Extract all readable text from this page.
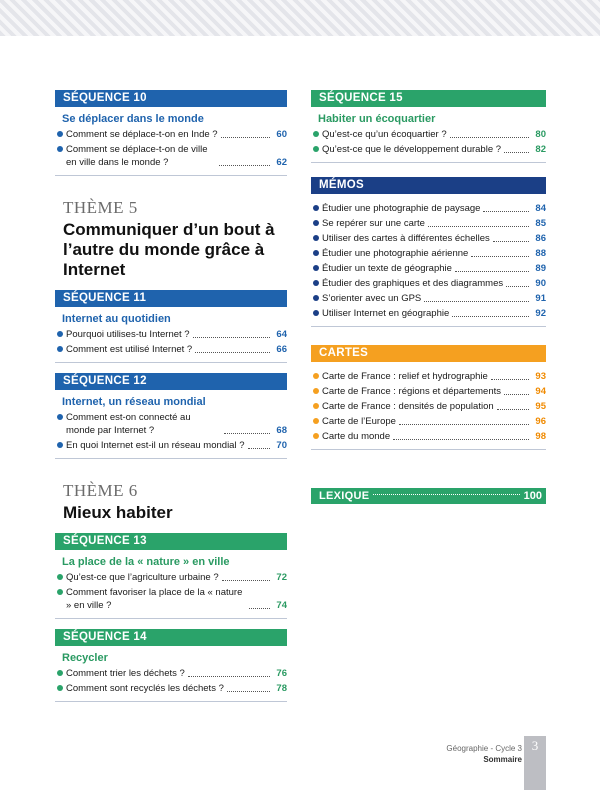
SÉQUENCE 10
Se déplacer dans le monde
Comment se déplace-t-on en Inde ?	60
Comment se déplace-t-on de ville en ville dans le monde ?	62
THÈME 5
Communiquer d’un bout à l’autre du monde grâce à Internet
SÉQUENCE 11
Internet au quotidien
Pourquoi utilises-tu Internet ?	64
Comment est utilisé Internet ?	66
SÉQUENCE 12
Internet, un réseau mondial
Comment est-on connecté au monde par Internet ?	68
En quoi Internet est-il un réseau mondial ?	70
THÈME 6
Mieux habiter
SÉQUENCE 13
La place de la « nature » en ville
Qu’est-ce que l’agriculture urbaine ?	72
Comment favoriser la place de la « nature » en ville ?	74
SÉQUENCE 14
Recycler
Comment trier les déchets ?	76
Comment sont recyclés les déchets ?	78
SÉQUENCE 15
Habiter un écoquartier
Qu’est-ce qu’un écoquartier ?	80
Qu’est-ce que le développement durable ?	82
MÉMOS
Étudier une photographie de paysage	84
Se repérer sur une carte	85
Utiliser des cartes à différentes échelles	86
Étudier une photographie aérienne	88
Étudier un texte de géographie	89
Étudier des graphiques et des diagrammes	90
S’orienter avec un GPS	91
Utiliser Internet en géographie	92
CARTES
Carte de France : relief et hydrographie	93
Carte de France : régions et départements	94
Carte de France : densités de population	95
Carte de l’Europe	96
Carte du monde	98
LEXIQUE	100
Géographie - Cycle 3
Sommaire
3
